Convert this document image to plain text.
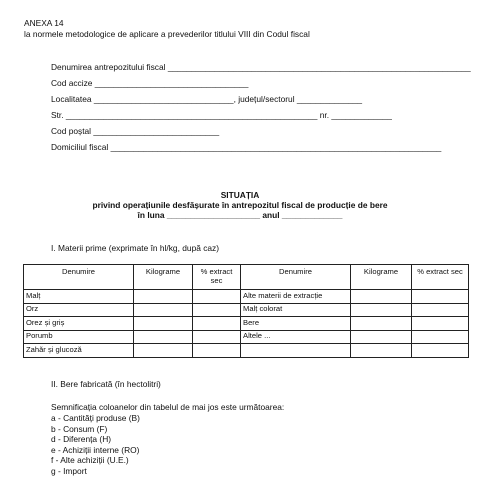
ANEXA 14
la normele metodologice de aplicare a prevederilor titlului VIII din Codul fiscal
Denumirea antrepozitului fiscal _________________________________________________________________
Cod accize _________________________________
Localitatea ______________________________, județul/sectorul ______________
Str. ______________________________________________________ nr. _____________
Cod poștal ___________________________
Domiciliul fiscal _______________________________________________________________________
SITUAȚIA
privind operațiunile desfășurate în antrepozitul fiscal de producție de bere
în luna ____________________ anul _____________
I. Materii prime (exprimate în hl/kg, după caz)
Denumire	Kilograme	% extract sec	Denumire	Kilograme	% extract sec
Malț			Alte materii de extracție		
Orz			Malț colorat		
Orez și griș			Bere		
Porumb			Altele ...		
Zahăr și glucoză					
II. Bere fabricată (în hectolitri)
Semnificația coloanelor din tabelul de mai jos este următoarea:
a - Cantități produse (B)
b - Consum (F)
d - Diferența (H)
e - Achiziții interne (RO)
f - Alte achiziții (U.E.)
g - Import
